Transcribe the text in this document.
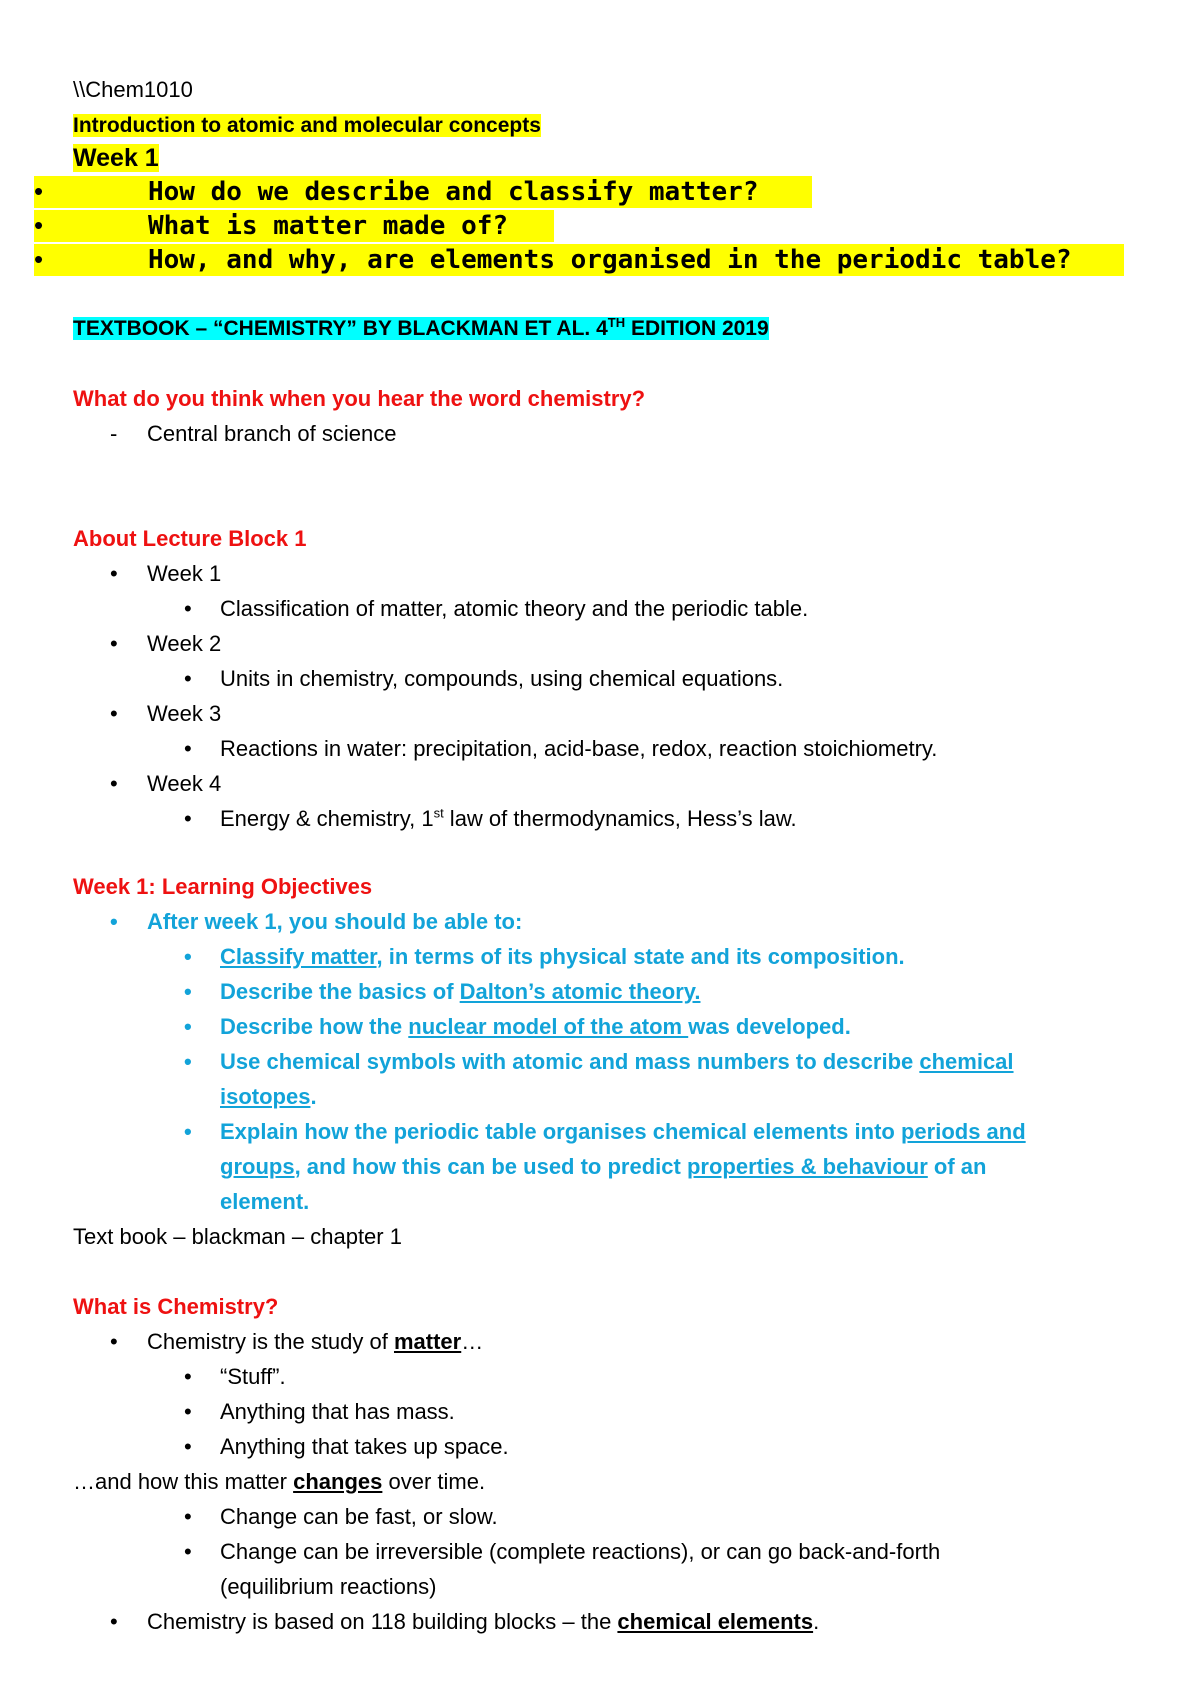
\\Chem1010
Introduction to atomic and molecular concepts
Week 1
•	How do we describe and classify matter?
•	What is matter made of?
•	How, and why, are elements organised in the periodic table?
TEXTBOOK – “CHEMISTRY” BY BLACKMAN ET AL. 4TH EDITION 2019
What do you think when you hear the word chemistry?
- Central branch of science
About Lecture Block 1
• Week 1
• Classification of matter, atomic theory and the periodic table.
• Week 2
• Units in chemistry, compounds, using chemical equations.
• Week 3
• Reactions in water: precipitation, acid-base, redox, reaction stoichiometry.
• Week 4
• Energy & chemistry, 1st law of thermodynamics, Hess’s law.
Week 1: Learning Objectives
• After week 1, you should be able to:
• Classify matter, in terms of its physical state and its composition.
• Describe the basics of Dalton’s atomic theory.
• Describe how the nuclear model of the atom was developed.
• Use chemical symbols with atomic and mass numbers to describe chemical
isotopes.
• Explain how the periodic table organises chemical elements into periods and
groups, and how this can be used to predict properties & behaviour of an
element.
Text book – blackman – chapter 1
What is Chemistry?
• Chemistry is the study of matter…
• “Stuff”.
• Anything that has mass.
• Anything that takes up space.
…and how this matter changes over time.
• Change can be fast, or slow.
• Change can be irreversible (complete reactions), or can go back-and-forth
(equilibrium reactions)
• Chemistry is based on 118 building blocks – the chemical elements.
